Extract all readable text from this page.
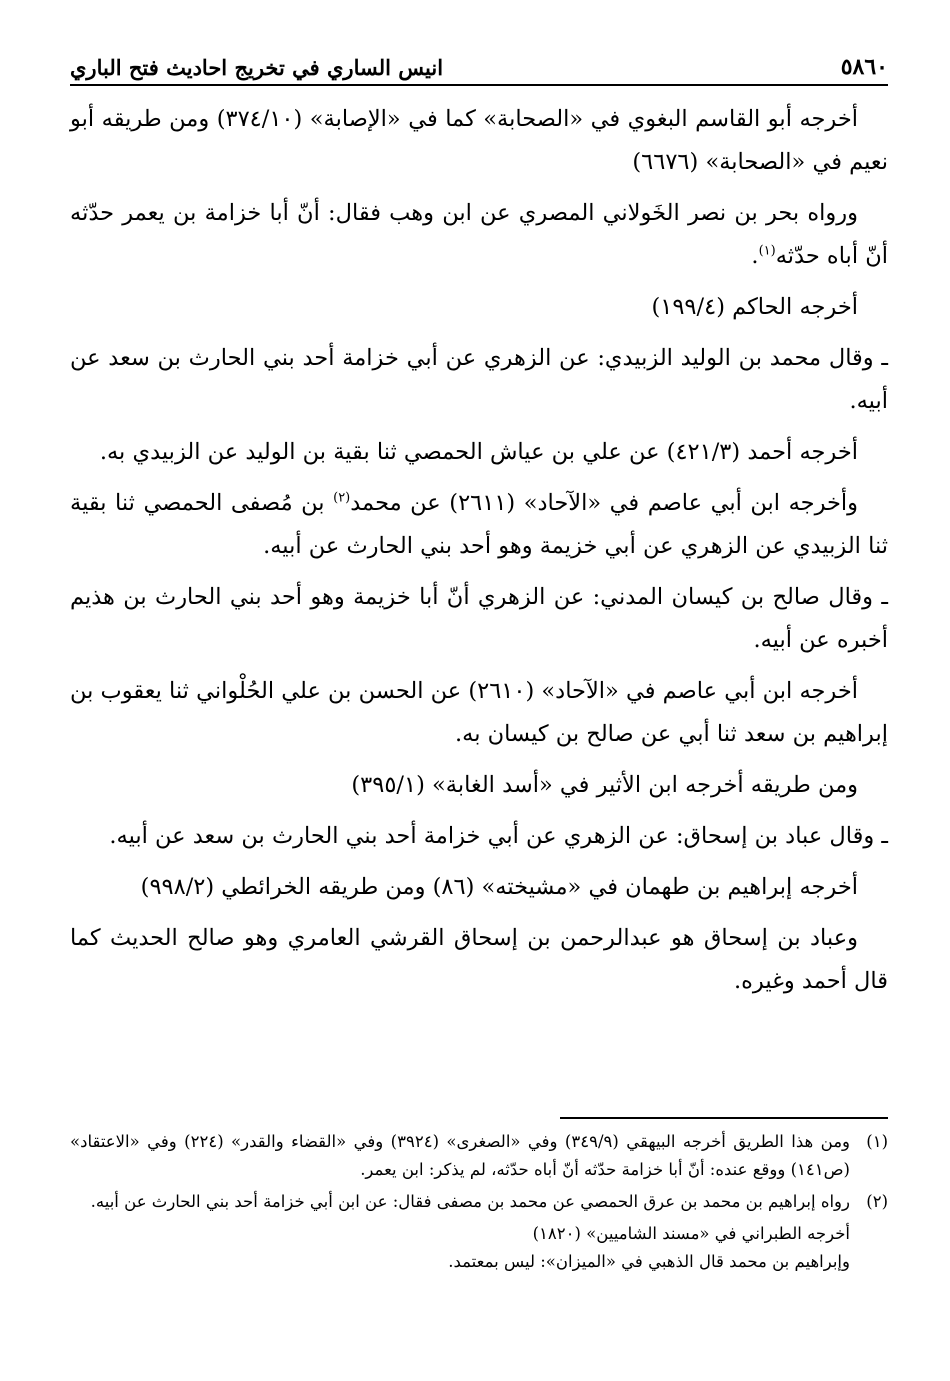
٥٨٦٠
انيس الساري في تخريج احاديث فتح الباري

أخرجه أبو القاسم البغوي في «الصحابة» كما في «الإصابة» (٣٧٤/١٠) ومن طريقه أبو نعيم في «الصحابة» (٦٦٧٦)

ورواه بحر بن نصر الخَولاني المصري عن ابن وهب فقال: أنّ أبا خزامة بن يعمر حدّثه أنّ أباه حدّثه$^{(١)}$.

أخرجه الحاكم (١٩٩/٤)

ـ وقال محمد بن الوليد الزبيدي: عن الزهري عن أبي خزامة أحد بني الحارث بن سعد عن أبيه.

أخرجه أحمد (٤٢١/٣) عن علي بن عياش الحمصي ثنا بقية بن الوليد عن الزبيدي به.

وأخرجه ابن أبي عاصم في «الآحاد» (٢٦١١) عن محمد$^{(٢)}$ بن مُصفى الحمصي ثنا بقية ثنا الزبيدي عن الزهري عن أبي خزيمة وهو أحد بني الحارث عن أبيه.

ـ وقال صالح بن كيسان المدني: عن الزهري أنّ أبا خزيمة وهو أحد بني الحارث بن هذيم أخبره عن أبيه.

أخرجه ابن أبي عاصم في «الآحاد» (٢٦١٠) عن الحسن بن علي الحُلْواني ثنا يعقوب بن إبراهيم بن سعد ثنا أبي عن صالح بن كيسان به.

ومن طريقه أخرجه ابن الأثير في «أسد الغابة» (٣٩٥/١)

ـ وقال عباد بن إسحاق: عن الزهري عن أبي خزامة أحد بني الحارث بن سعد عن أبيه.

أخرجه إبراهيم بن طهمان في «مشيخته» (٨٦) ومن طريقه الخرائطي (٩٩٨/٢)

وعباد بن إسحاق هو عبدالرحمن بن إسحاق القرشي العامري وهو صالح الحديث كما قال أحمد وغيره.

(١)
ومن هذا الطريق أخرجه البيهقي (٣٤٩/٩) وفي «الصغرى» (٣٩٢٤) وفي «القضاء والقدر» (٢٢٤) وفي «الاعتقاد» (ص١٤١) ووقع عنده: أنّ أبا خزامة حدّثه أنّ أباه حدّثه، لم يذكر: ابن يعمر.
(٢)
رواه إبراهيم بن محمد بن عرق الحمصي عن محمد بن مصفى فقال: عن ابن أبي خزامة أحد بني الحارث عن أبيه.
أخرجه الطبراني في «مسند الشاميين» (١٨٢٠)
وإبراهيم بن محمد قال الذهبي في «الميزان»: ليس بمعتمد.
